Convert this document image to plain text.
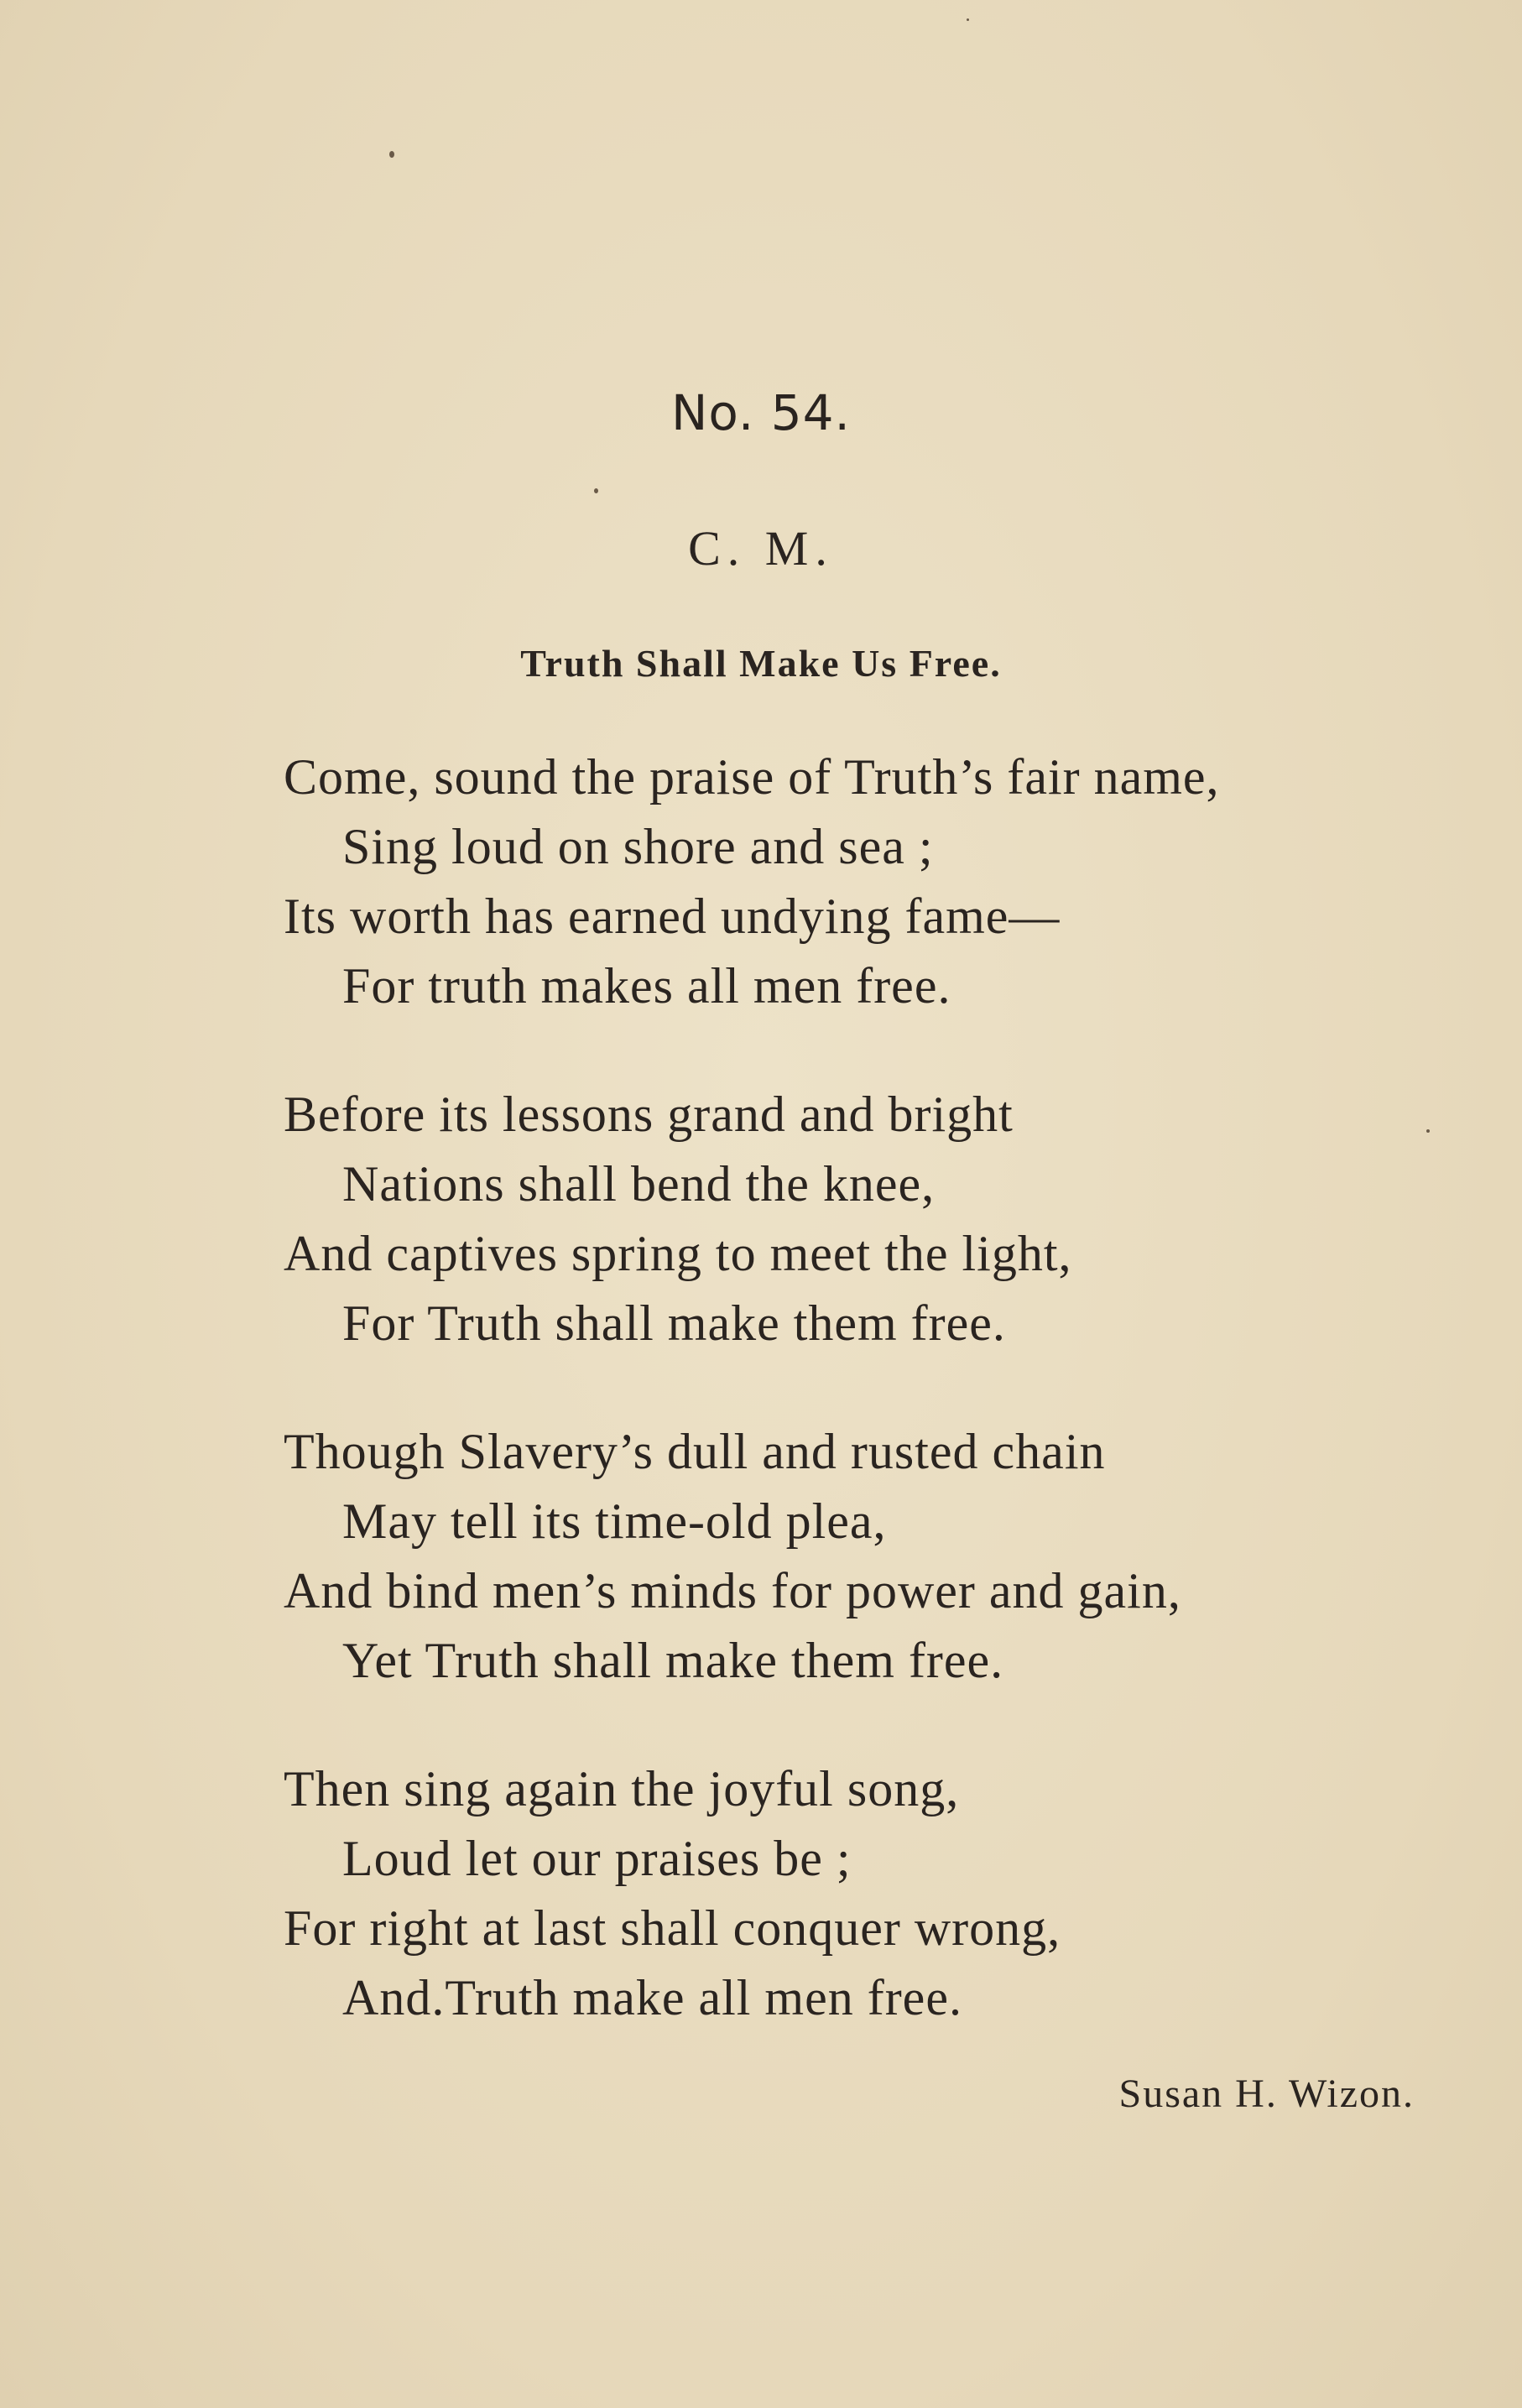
No. 54.

C. M.

Truth Shall Make Us Free.
Come, sound the praise of Truth’s fair name,
Sing loud on shore and sea ;
Its worth has earned undying fame—
For truth makes all men free.
Before its lessons grand and bright
Nations shall bend the knee,
And captives spring to meet the light,
For Truth shall make them free.
Though Slavery’s dull and rusted chain
May tell its time-old plea,
And bind men’s minds for power and gain,
Yet Truth shall make them free.
Then sing again the joyful song,
Loud let our praises be ;
For right at last shall conquer wrong,
And.Truth make all men free.

Susan H. Wizon.
